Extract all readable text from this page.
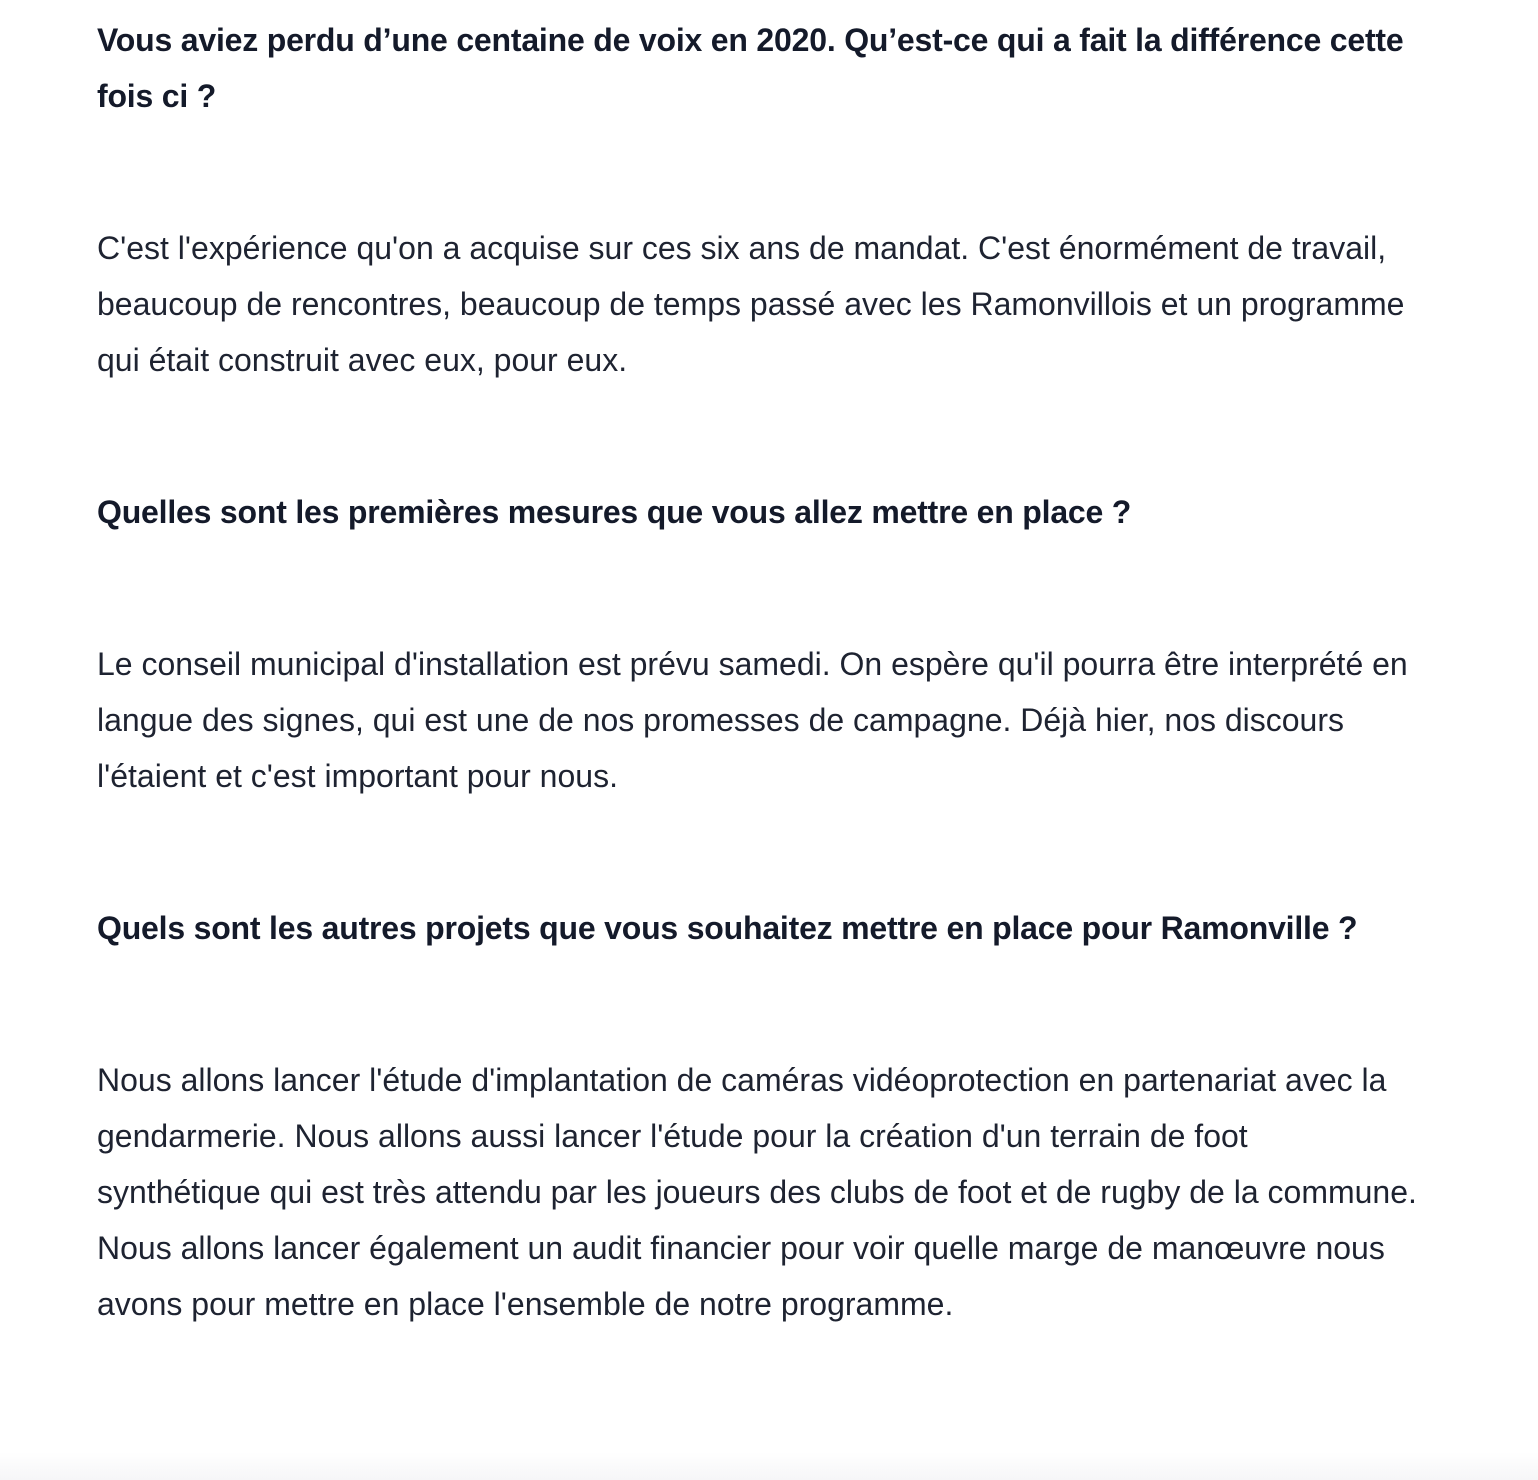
Vous aviez perdu d’une centaine de voix en 2020. Qu’est-ce qui a fait la différence cette fois ci ?

C'est l'expérience qu'on a acquise sur ces six ans de mandat. C'est énormément de travail, beaucoup de rencontres, beaucoup de temps passé avec les Ramonvillois et un programme qui était construit avec eux, pour eux.

Quelles sont les premières mesures que vous allez mettre en place ?

Le conseil municipal d'installation est prévu samedi. On espère qu'il pourra être interprété en langue des signes, qui est une de nos promesses de campagne. Déjà hier, nos discours l'étaient et c'est important pour nous.

Quels sont les autres projets que vous souhaitez mettre en place pour Ramonville ?

Nous allons lancer l'étude d'implantation de caméras vidéoprotection en partenariat avec la gendarmerie. Nous allons aussi lancer l'étude pour la création d'un terrain de foot synthétique qui est très attendu par les joueurs des clubs de foot et de rugby de la commune. Nous allons lancer également un audit financier pour voir quelle marge de manœuvre nous avons pour mettre en place l'ensemble de notre programme.
